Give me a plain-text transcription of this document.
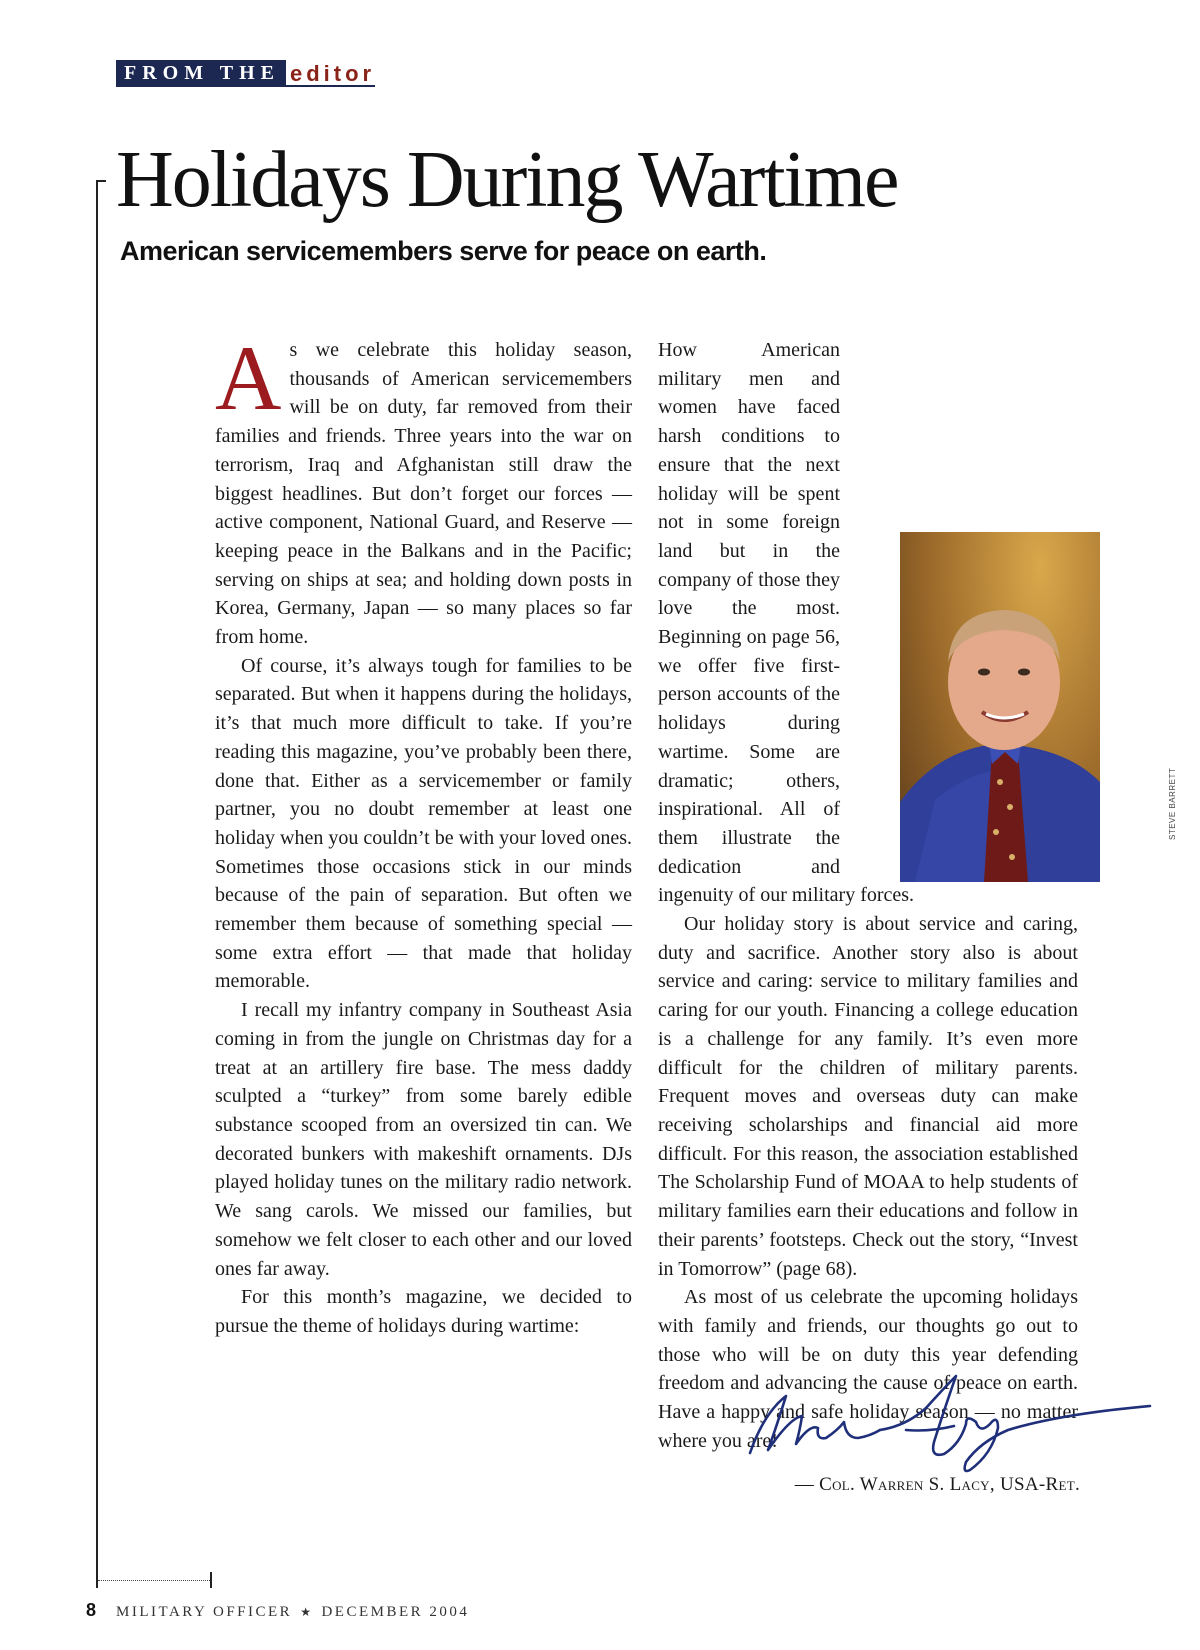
FROM THE editor
Holidays During Wartime
American servicemembers serve for peace on earth.

As we celebrate this holiday season, thousands of American servicemembers will be on duty, far removed from their families and friends. Three years into the war on terrorism, Iraq and Afghanistan still draw the biggest headlines. But don’t forget our forces — active component, National Guard, and Reserve — keeping peace in the Balkans and in the Pacific; serving on ships at sea; and holding down posts in Korea, Germany, Japan — so many places so far from home.

Of course, it’s always tough for families to be separated. But when it happens during the holidays, it’s that much more difficult to take. If you’re reading this magazine, you’ve probably been there, done that. Either as a servicemember or family partner, you no doubt remember at least one holiday when you couldn’t be with your loved ones. Sometimes those occasions stick in our minds because of the pain of separation. But often we remember them because of something special — some extra effort — that made that holiday memorable.

I recall my infantry company in Southeast Asia coming in from the jungle on Christmas day for a treat at an artillery fire base. The mess daddy sculpted a “turkey” from some barely edible substance scooped from an oversized tin can. We decorated bunkers with makeshift ornaments. DJs played holiday tunes on the military radio network. We sang carols. We missed our families, but somehow we felt closer to each other and our loved ones far away.

For this month’s magazine, we decided to pursue the theme of holidays during wartime:

How American military men and women have faced harsh conditions to ensure that the next holiday will be spent not in some foreign land but in the company of those they love the most. Beginning on page 56, we offer five first-person accounts of the holidays during wartime. Some are dramatic; others, inspirational. All of them illustrate the dedication and ingenuity of our military forces.

Our holiday story is about service and caring, duty and sacrifice. Another story also is about service and caring: service to military families and caring for our youth. Financing a college education is a challenge for any family. It’s even more difficult for the children of military parents. Frequent moves and overseas duty can make receiving scholarships and financial aid more difficult. For this reason, the association established The Scholarship Fund of MOAA to help students of military families earn their educations and follow in their parents’ footsteps. Check out the story, “Invest in Tomorrow” (page 68).

As most of us celebrate the upcoming holidays with family and friends, our thoughts go out to those who will be on duty this year defending freedom and advancing the cause of peace on earth. Have a happy and safe holiday season — no matter where you are!

STEVE BARRETT
— Col. Warren S. Lacy, USA-Ret.
8 MILITARY OFFICER ★ DECEMBER 2004
